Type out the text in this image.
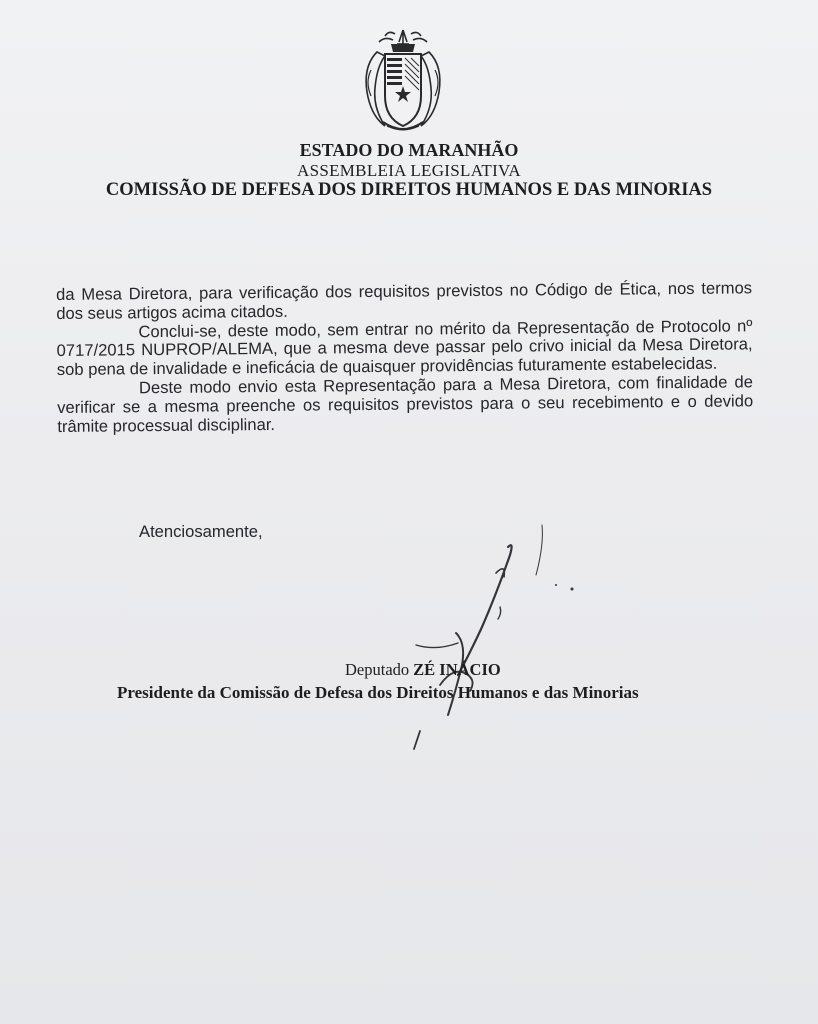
ESTADO DO MARANHÃO
ASSEMBLEIA LEGISLATIVA
COMISSÃO DE DEFESA DOS DIREITOS HUMANOS E DAS MINORIAS

da Mesa Diretora, para verificação dos requisitos previstos no Código de Ética, nos termos dos seus artigos acima citados.

Conclui-se, deste modo, sem entrar no mérito da Representação de Protocolo nº 0717/2015 NUPROP/ALEMA, que a mesma deve passar pelo crivo inicial da Mesa Diretora, sob pena de invalidade e ineficácia de quaisquer providências futuramente estabelecidas.

Deste modo envio esta Representação para a Mesa Diretora, com finalidade de verificar se a mesma preenche os requisitos previstos para o seu recebimento e o devido trâmite processual disciplinar.

Atenciosamente,
Deputado ZÉ INÁCIO
Presidente da Comissão de Defesa dos Direitos Humanos e das Minorias
